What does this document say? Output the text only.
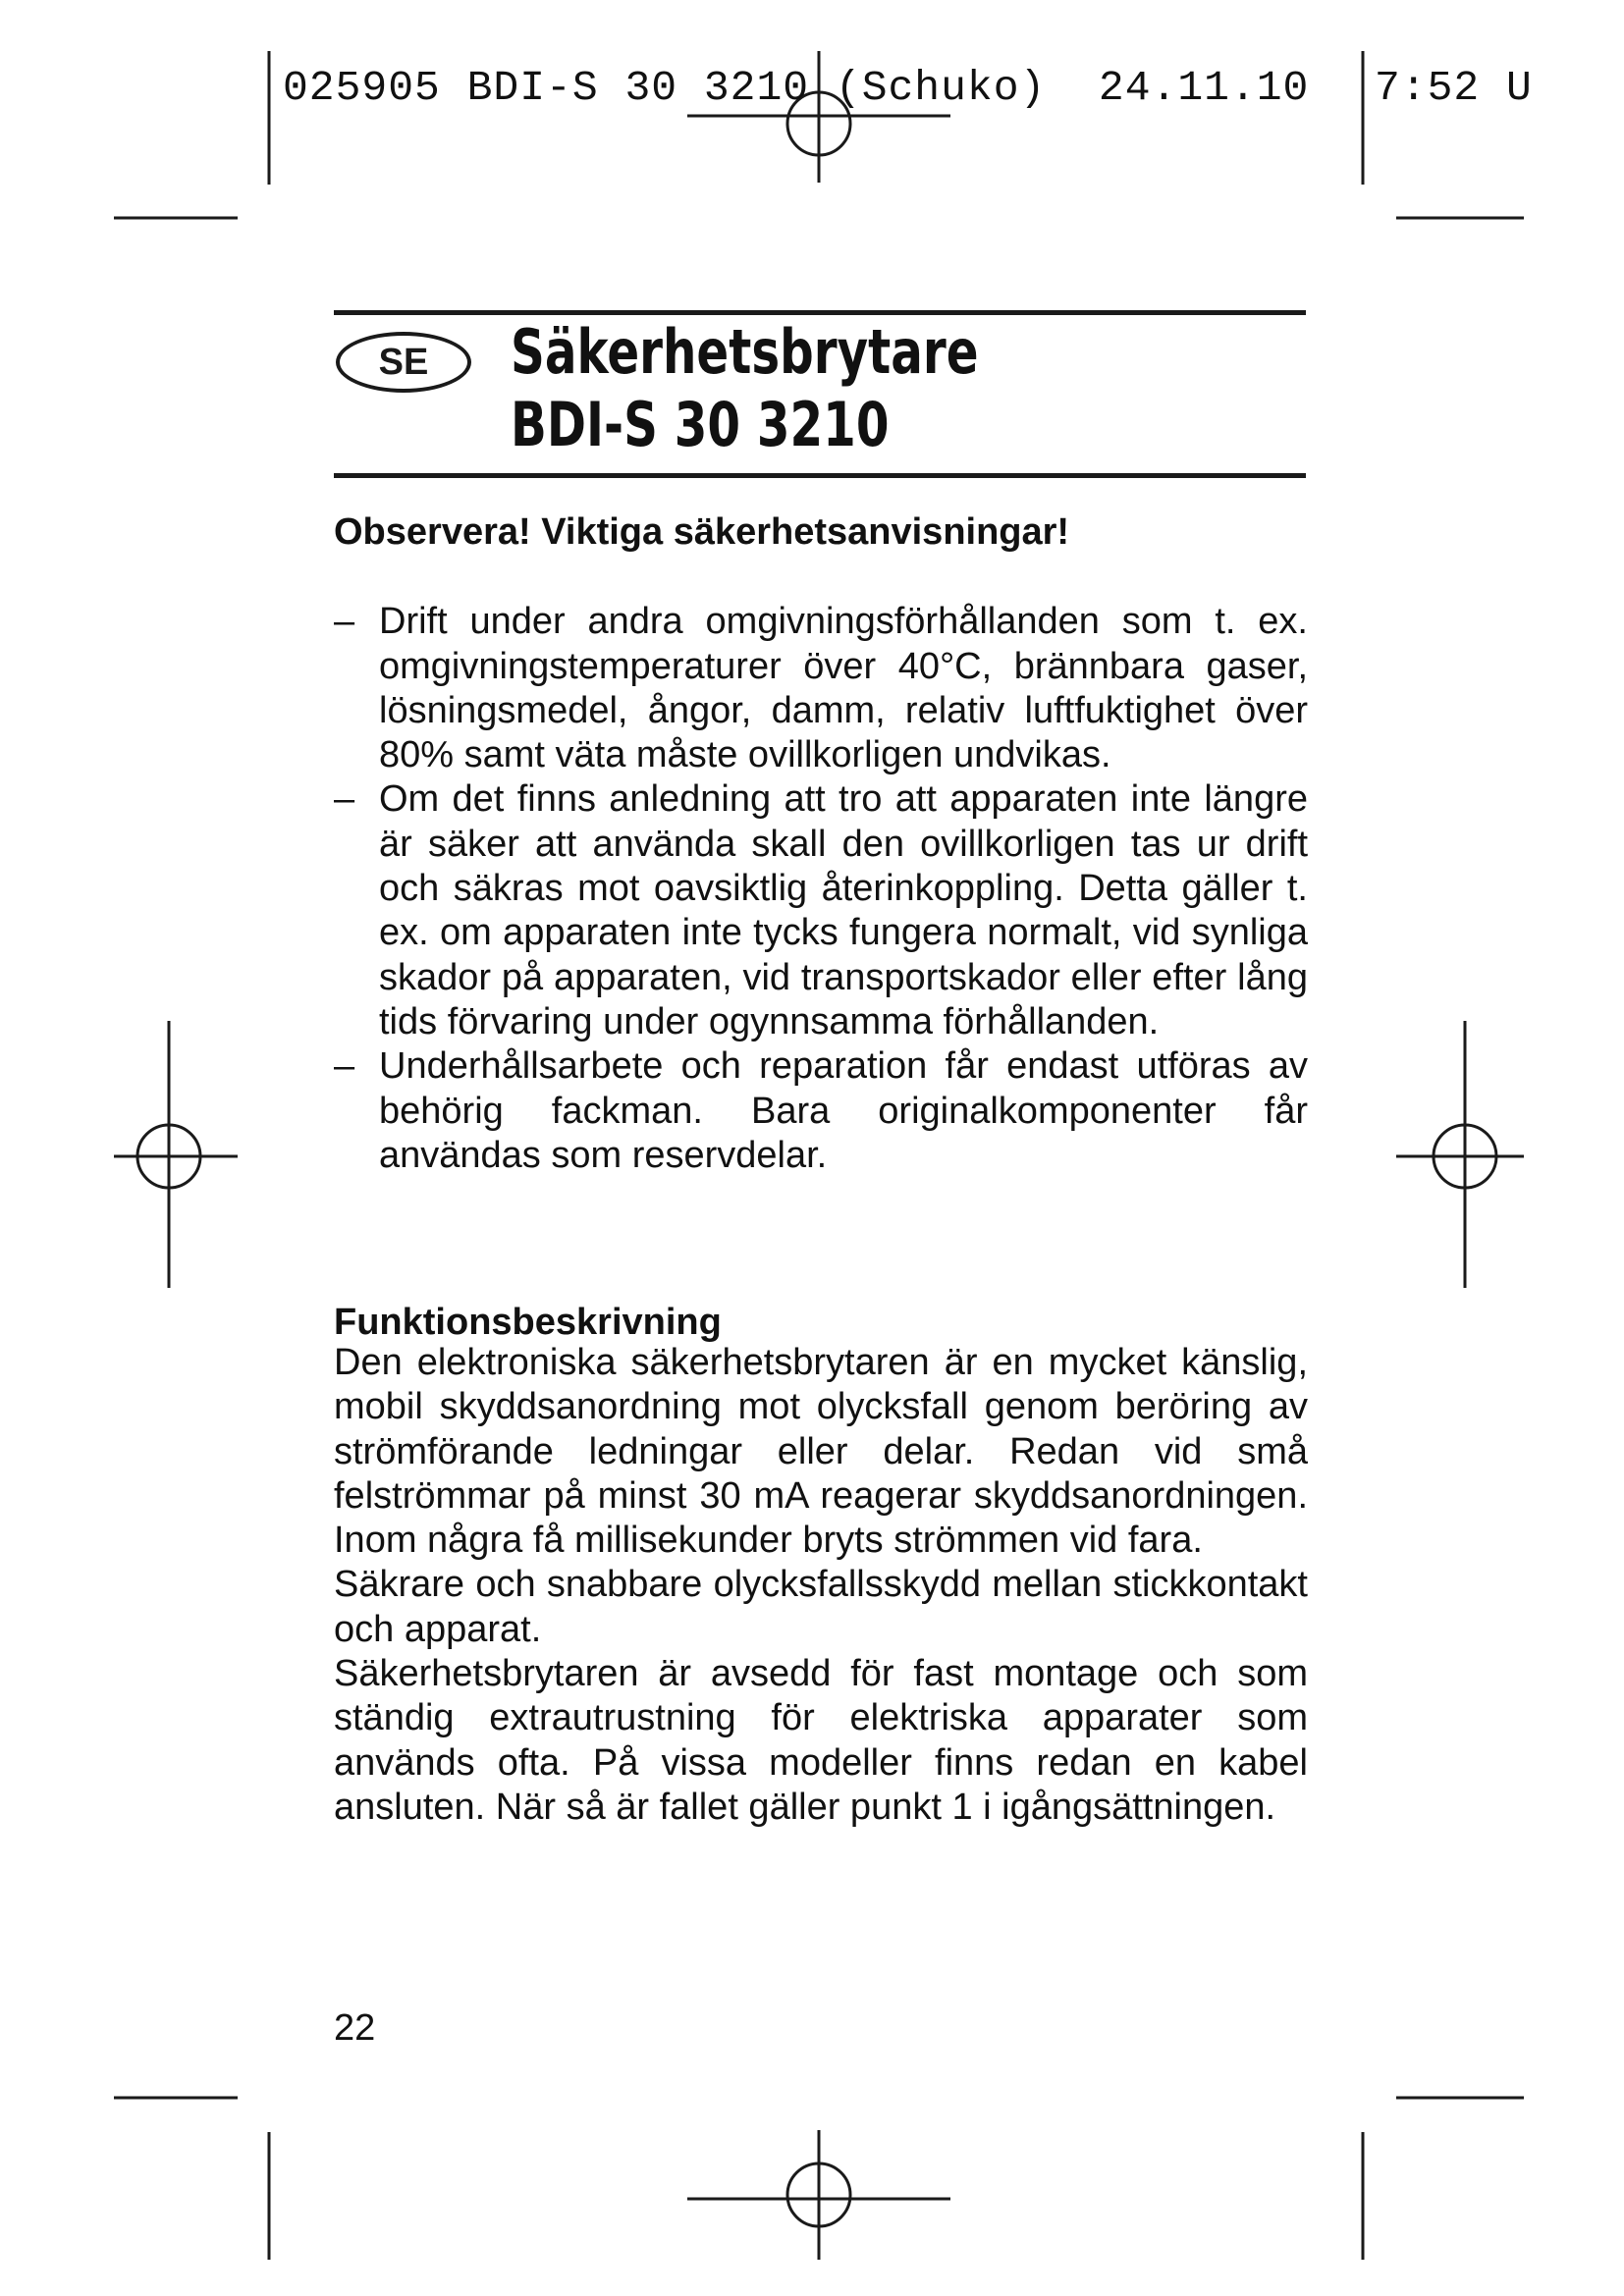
025905 BDI-S 30 3210 (Schuko)  24.11.10 7:52 U
SE	Säkerhetsbrytare
BDI-S 30 3210
Observera! Viktiga säkerhetsanvisningar!
– Drift under andra omgivningsförhållanden som t. ex. omgivningstemperaturer över 40°C, brännbara gaser, lösningsmedel, ångor, damm, relativ luftfuktighet över 80% samt väta måste ovillkorligen undvikas.
– Om det finns anledning att tro att apparaten inte längre är säker att använda skall den ovillkorligen tas ur drift och säkras mot oavsiktlig återinkoppling. Detta gäller t. ex. om apparaten inte tycks fungera normalt, vid synliga skador på apparaten, vid transportskador eller efter lång tids förvaring under ogynnsamma förhållanden.
– Underhållsarbete och reparation får endast utföras av behörig fackman. Bara originalkomponenter får användas som reservdelar.
Funktionsbeskrivning

Den elektroniska säkerhetsbrytaren är en mycket känslig, mobil skyddsanordning mot olycksfall genom beröring av strömförande ledningar eller delar. Redan vid små felströmmar på minst 30 mA reagerar skyddsanordningen. Inom några få millisekunder bryts strömmen vid fara.

Säkrare och snabbare olycksfallsskydd mellan stickkontakt och apparat.

Säkerhetsbrytaren är avsedd för fast montage och som ständig extrautrustning för elektriska apparater som används ofta. På vissa modeller finns redan en kabel ansluten. När så är fallet gäller punkt 1 i igångsättningen.

22
